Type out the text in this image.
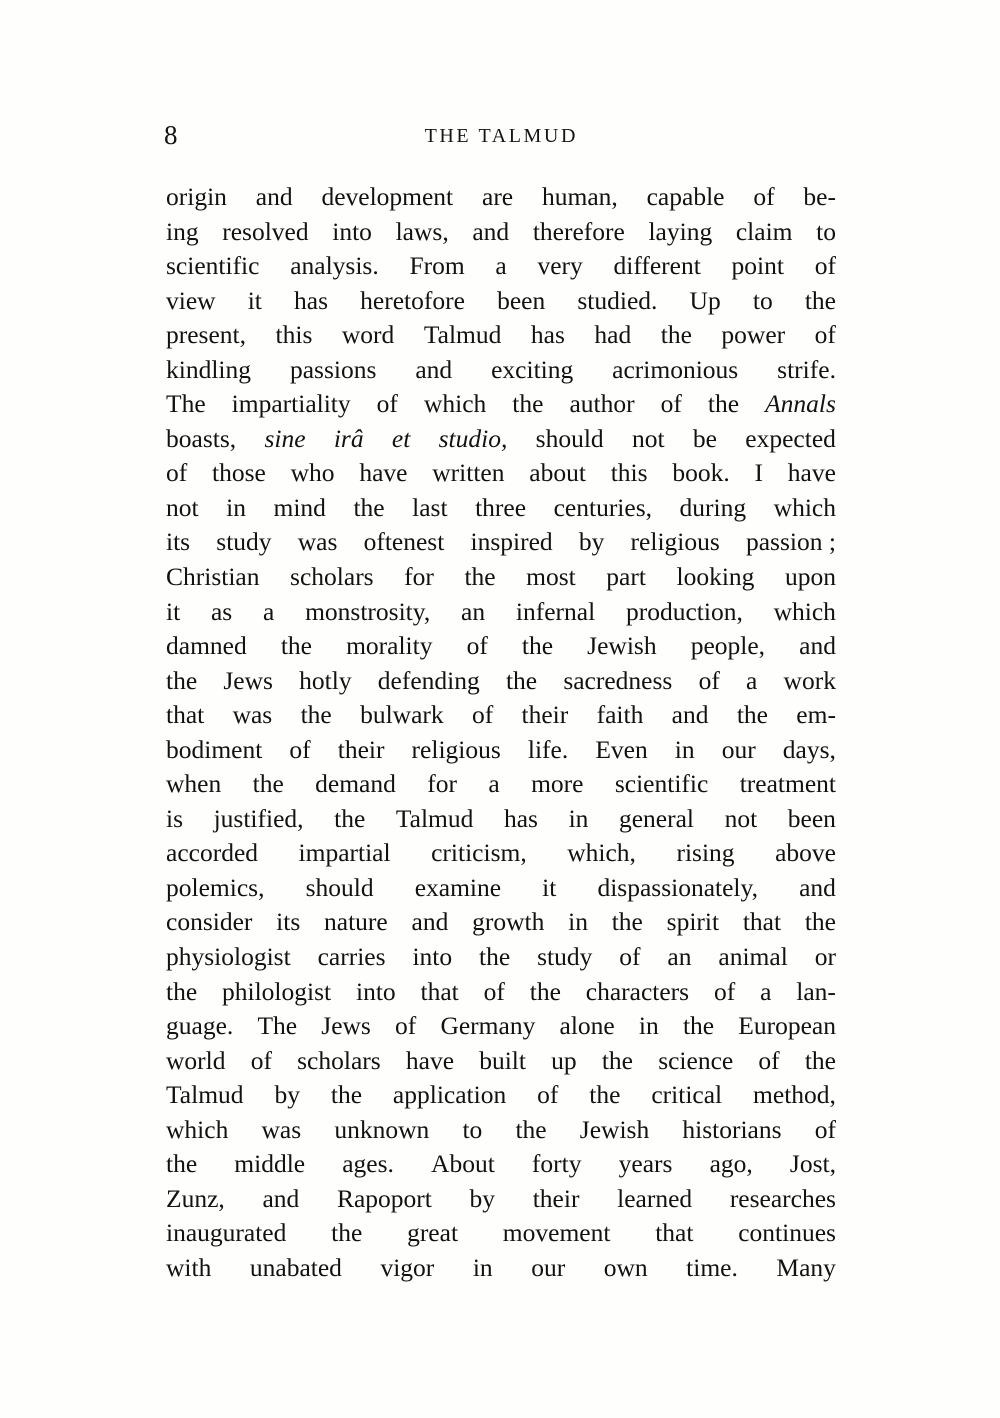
8	THE TALMUD
origin and development are human, capable of be-
ing resolved into laws, and therefore laying claim to
scientific analysis. From a very different point of
view it has heretofore been studied. Up to the
present, this word Talmud has had the power of
kindling passions and exciting acrimonious strife.
The impartiality of which the author of the Annals
boasts, sine irâ et studio, should not be expected
of those who have written about this book. I have
not in mind the last three centuries, during which
its study was oftenest inspired by religious passion ;
Christian scholars for the most part looking upon
it as a monstrosity, an infernal production, which
damned the morality of the Jewish people, and
the Jews hotly defending the sacredness of a work
that was the bulwark of their faith and the em-
bodiment of their religious life. Even in our days,
when the demand for a more scientific treatment
is justified, the Talmud has in general not been
accorded impartial criticism, which, rising above
polemics, should examine it dispassionately, and
consider its nature and growth in the spirit that the
physiologist carries into the study of an animal or
the philologist into that of the characters of a lan-
guage. The Jews of Germany alone in the European
world of scholars have built up the science of the
Talmud by the application of the critical method,
which was unknown to the Jewish historians of
the middle ages. About forty years ago, Jost,
Zunz, and Rapoport by their learned researches
inaugurated the great movement that continues
with unabated vigor in our own time. Many
